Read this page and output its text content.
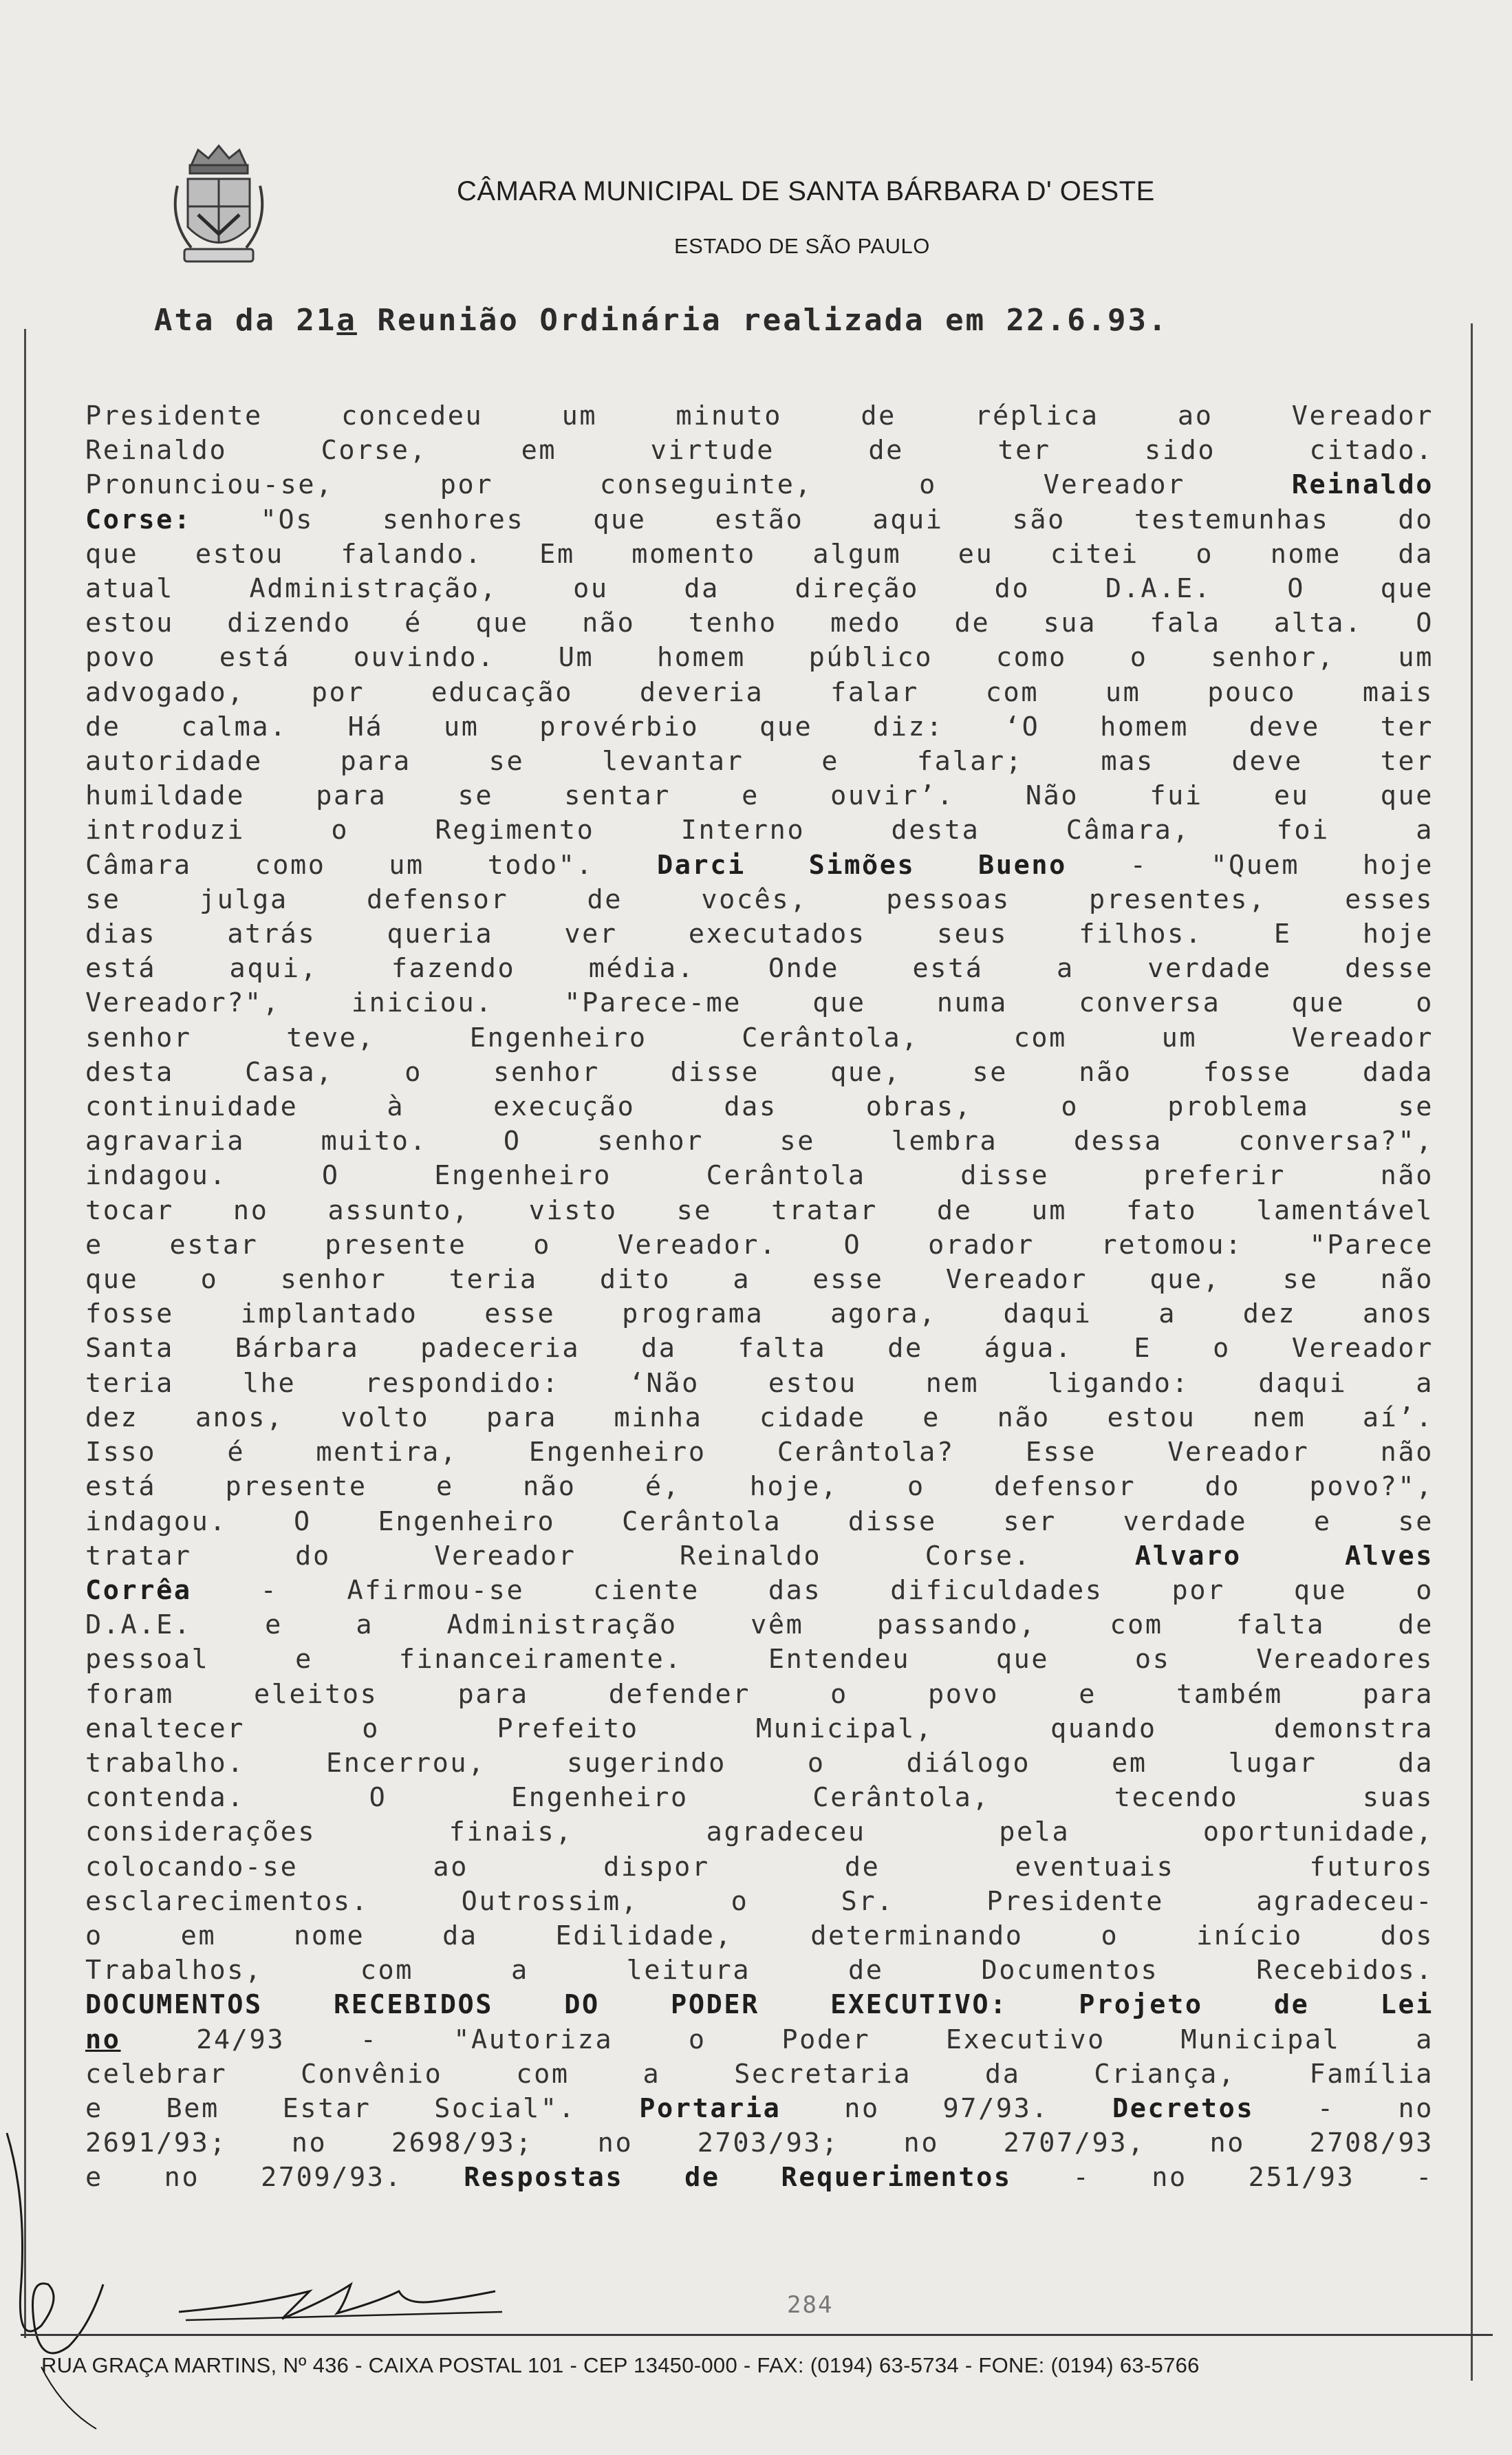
CÂMARA MUNICIPAL DE SANTA BÁRBARA D' OESTE
ESTADO DE SÃO PAULO
Ata da 21a Reunião Ordinária realizada em 22.6.93.
Presidente concedeu um minuto de réplica ao Vereador
Reinaldo Corse, em virtude de ter sido citado.
Pronunciou-se, por conseguinte, o Vereador Reinaldo
Corse: "Os senhores que estão aqui são testemunhas do
que estou falando. Em momento algum eu citei o nome da
atual Administração, ou da direção do D.A.E. O que
estou dizendo é que não tenho medo de sua fala alta. O
povo está ouvindo. Um homem público como o senhor, um
advogado, por educação deveria falar com um pouco mais
de calma. Há um provérbio que diz: ‘O homem deve ter
autoridade para se levantar e falar; mas deve ter
humildade para se sentar e ouvir’. Não fui eu que
introduzi o Regimento Interno desta Câmara, foi a
Câmara como um todo". Darci Simões Bueno - "Quem hoje
se julga defensor de vocês, pessoas presentes, esses
dias atrás queria ver executados seus filhos. E hoje
está aqui, fazendo média. Onde está a verdade desse
Vereador?", iniciou. "Parece-me que numa conversa que o
senhor teve, Engenheiro Cerântola, com um Vereador
desta Casa, o senhor disse que, se não fosse dada
continuidade à execução das obras, o problema se
agravaria muito. O senhor se lembra dessa conversa?",
indagou. O Engenheiro Cerântola disse preferir não
tocar no assunto, visto se tratar de um fato lamentável
e estar presente o Vereador. O orador retomou: "Parece
que o senhor teria dito a esse Vereador que, se não
fosse implantado esse programa agora, daqui a dez anos
Santa Bárbara padeceria da falta de água. E o Vereador
teria lhe respondido: ‘Não estou nem ligando: daqui a
dez anos, volto para minha cidade e não estou nem aí’.
Isso é mentira, Engenheiro Cerântola? Esse Vereador não
está presente e não é, hoje, o defensor do povo?",
indagou. O Engenheiro Cerântola disse ser verdade e se
tratar do Vereador Reinaldo Corse. Alvaro Alves
Corrêa - Afirmou-se ciente das dificuldades por que o
D.A.E. e a Administração vêm passando, com falta de
pessoal e financeiramente. Entendeu que os Vereadores
foram eleitos para defender o povo e também para
enaltecer o Prefeito Municipal, quando demonstra
trabalho. Encerrou, sugerindo o diálogo em lugar da
contenda. O Engenheiro Cerântola, tecendo suas
considerações finais, agradeceu pela oportunidade,
colocando-se ao dispor de eventuais futuros
esclarecimentos. Outrossim, o Sr. Presidente agradeceu-
o em nome da Edilidade, determinando o início dos
Trabalhos, com a leitura de Documentos Recebidos.
DOCUMENTOS RECEBIDOS DO PODER EXECUTIVO: Projeto de Lei
no 24/93 - "Autoriza o Poder Executivo Municipal a
celebrar Convênio com a Secretaria da Criança, Família
e Bem Estar Social". Portaria no 97/93. Decretos - no
2691/93; no 2698/93; no 2703/93; no 2707/93, no 2708/93
e no 2709/93. Respostas de Requerimentos - no 251/93 -
284
RUA GRAÇA MARTINS, Nº 436 - CAIXA POSTAL 101 - CEP 13450-000 - FAX: (0194) 63-5734 - FONE: (0194) 63-5766
